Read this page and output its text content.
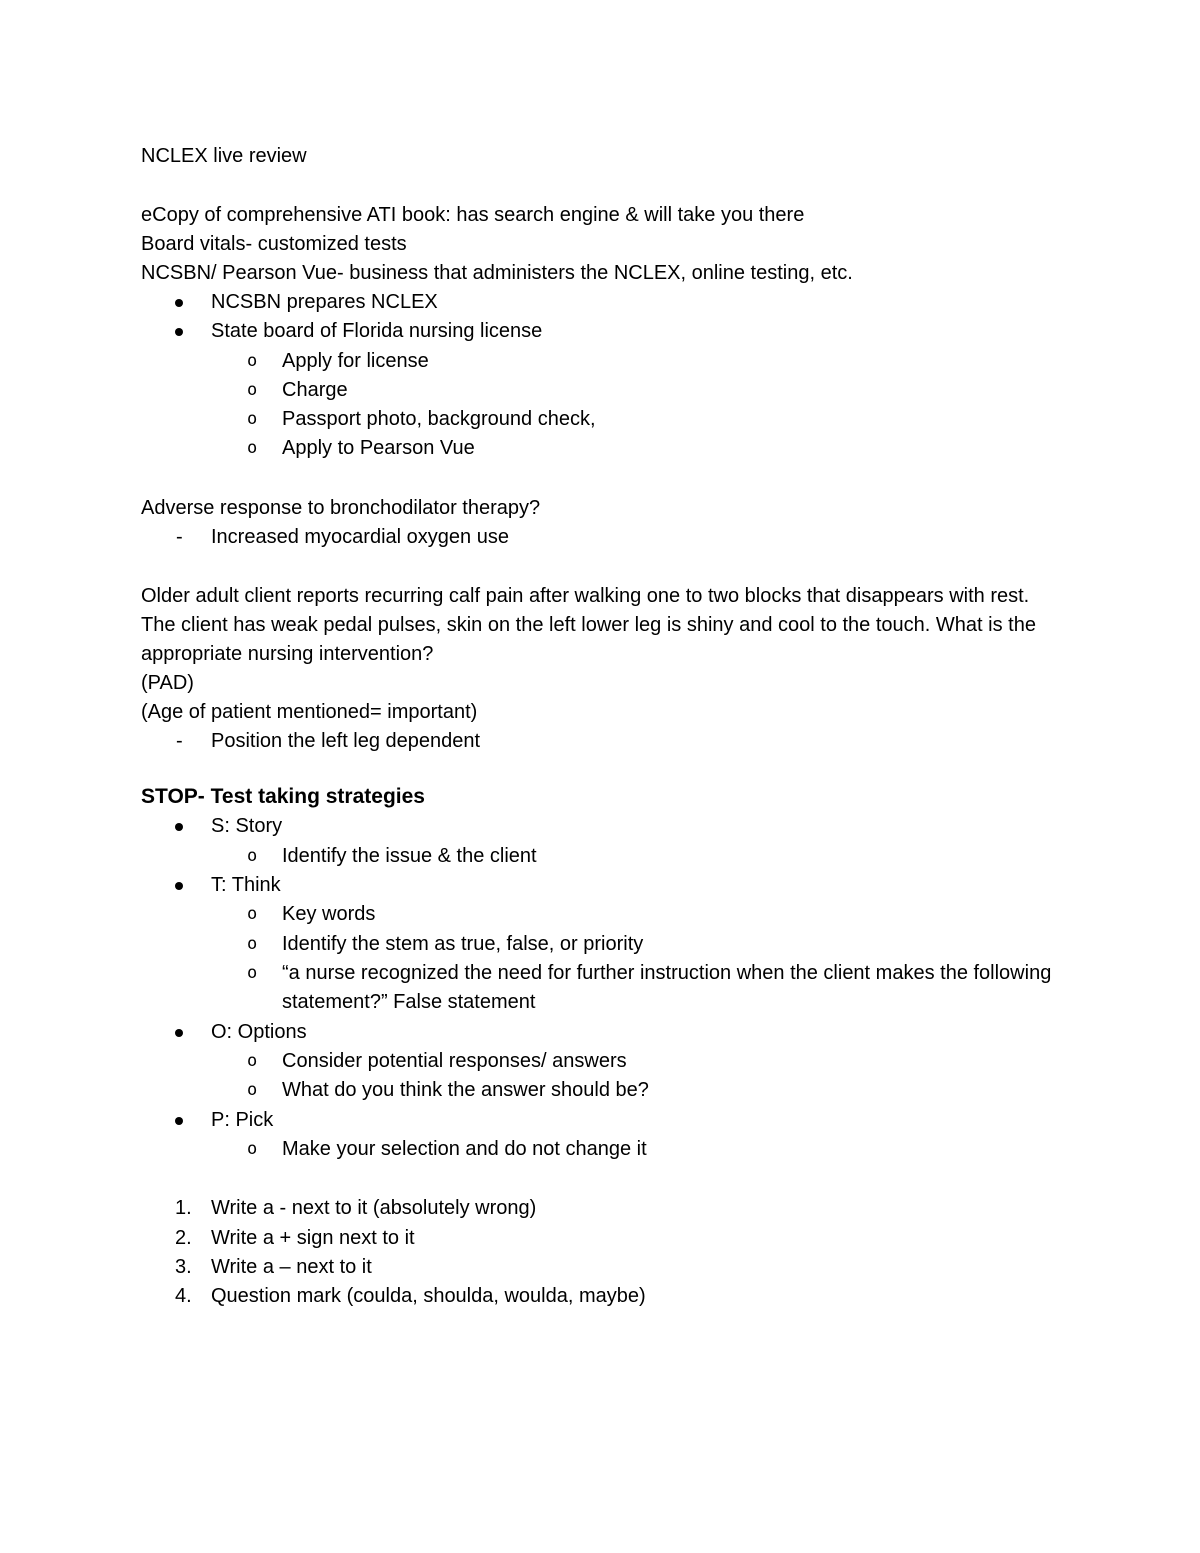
NCLEX live review
eCopy of comprehensive ATI book: has search engine & will take you there
Board vitals- customized tests
NCSBN/ Pearson Vue- business that administers the NCLEX, online testing, etc.
NCSBN prepares NCLEX
State board of Florida nursing license
o Apply for license
o Charge
o Passport photo, background check,
o Apply to Pearson Vue
Adverse response to bronchodilator therapy?
- Increased myocardial oxygen use
Older adult client reports recurring calf pain after walking one to two blocks that disappears with rest. The client has weak pedal pulses, skin on the left lower leg is shiny and cool to the touch. What is the appropriate nursing intervention?
(PAD)
(Age of patient mentioned= important)
- Position the left leg dependent
STOP- Test taking strategies
S: Story
o Identify the issue & the client
T: Think
o Key words
o Identify the stem as true, false, or priority
o “a nurse recognized the need for further instruction when the client makes the following statement?” False statement
O: Options
o Consider potential responses/ answers
o What do you think the answer should be?
P: Pick
o Make your selection and do not change it
1. Write a - next to it (absolutely wrong)
2. Write a + sign next to it
3. Write a – next to it
4. Question mark (coulda, shoulda, woulda, maybe)
